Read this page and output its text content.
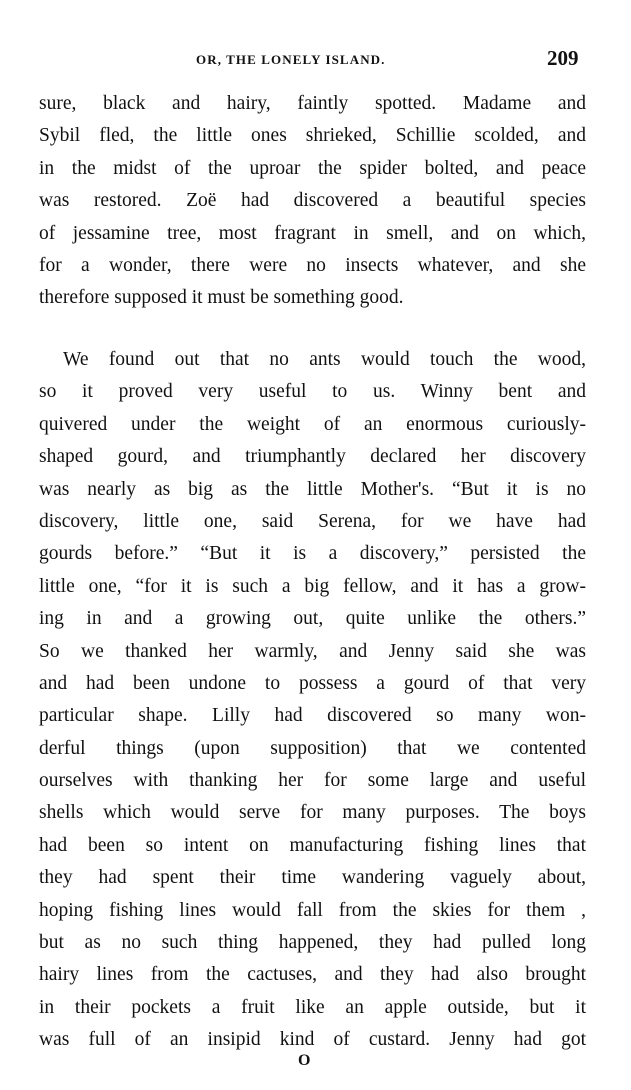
OR, THE LONELY ISLAND.	209
sure, black and hairy, faintly spotted. Madame and
Sybil fled, the little ones shrieked, Schillie scolded, and
in the midst of the uproar the spider bolted, and peace
was restored. Zoë had discovered a beautiful species
of jessamine tree, most fragrant in smell, and on which,
for a wonder, there were no insects whatever, and she
therefore supposed it must be something good.
We found out that no ants would touch the wood,
so it proved very useful to us. Winny bent and
quivered under the weight of an enormous curiously-
shaped gourd, and triumphantly declared her discovery
was nearly as big as the little Mother's. “But it is no
discovery, little one, said Serena, for we have had
gourds before.” “But it is a discovery,” persisted the
little one, “for it is such a big fellow, and it has a grow-
ing in and a growing out, quite unlike the others.”
So we thanked her warmly, and Jenny said she was
and had been undone to possess a gourd of that very
particular shape. Lilly had discovered so many won-
derful things (upon supposition) that we contented
ourselves with thanking her for some large and useful
shells which would serve for many purposes. The boys
had been so intent on manufacturing fishing lines that
they had spent their time wandering vaguely about,
hoping fishing lines would fall from the skies for them ,
but as no such thing happened, they had pulled long
hairy lines from the cactuses, and they had also brought
in their pockets a fruit like an apple outside, but it
was full of an insipid kind of custard. Jenny had got
O
